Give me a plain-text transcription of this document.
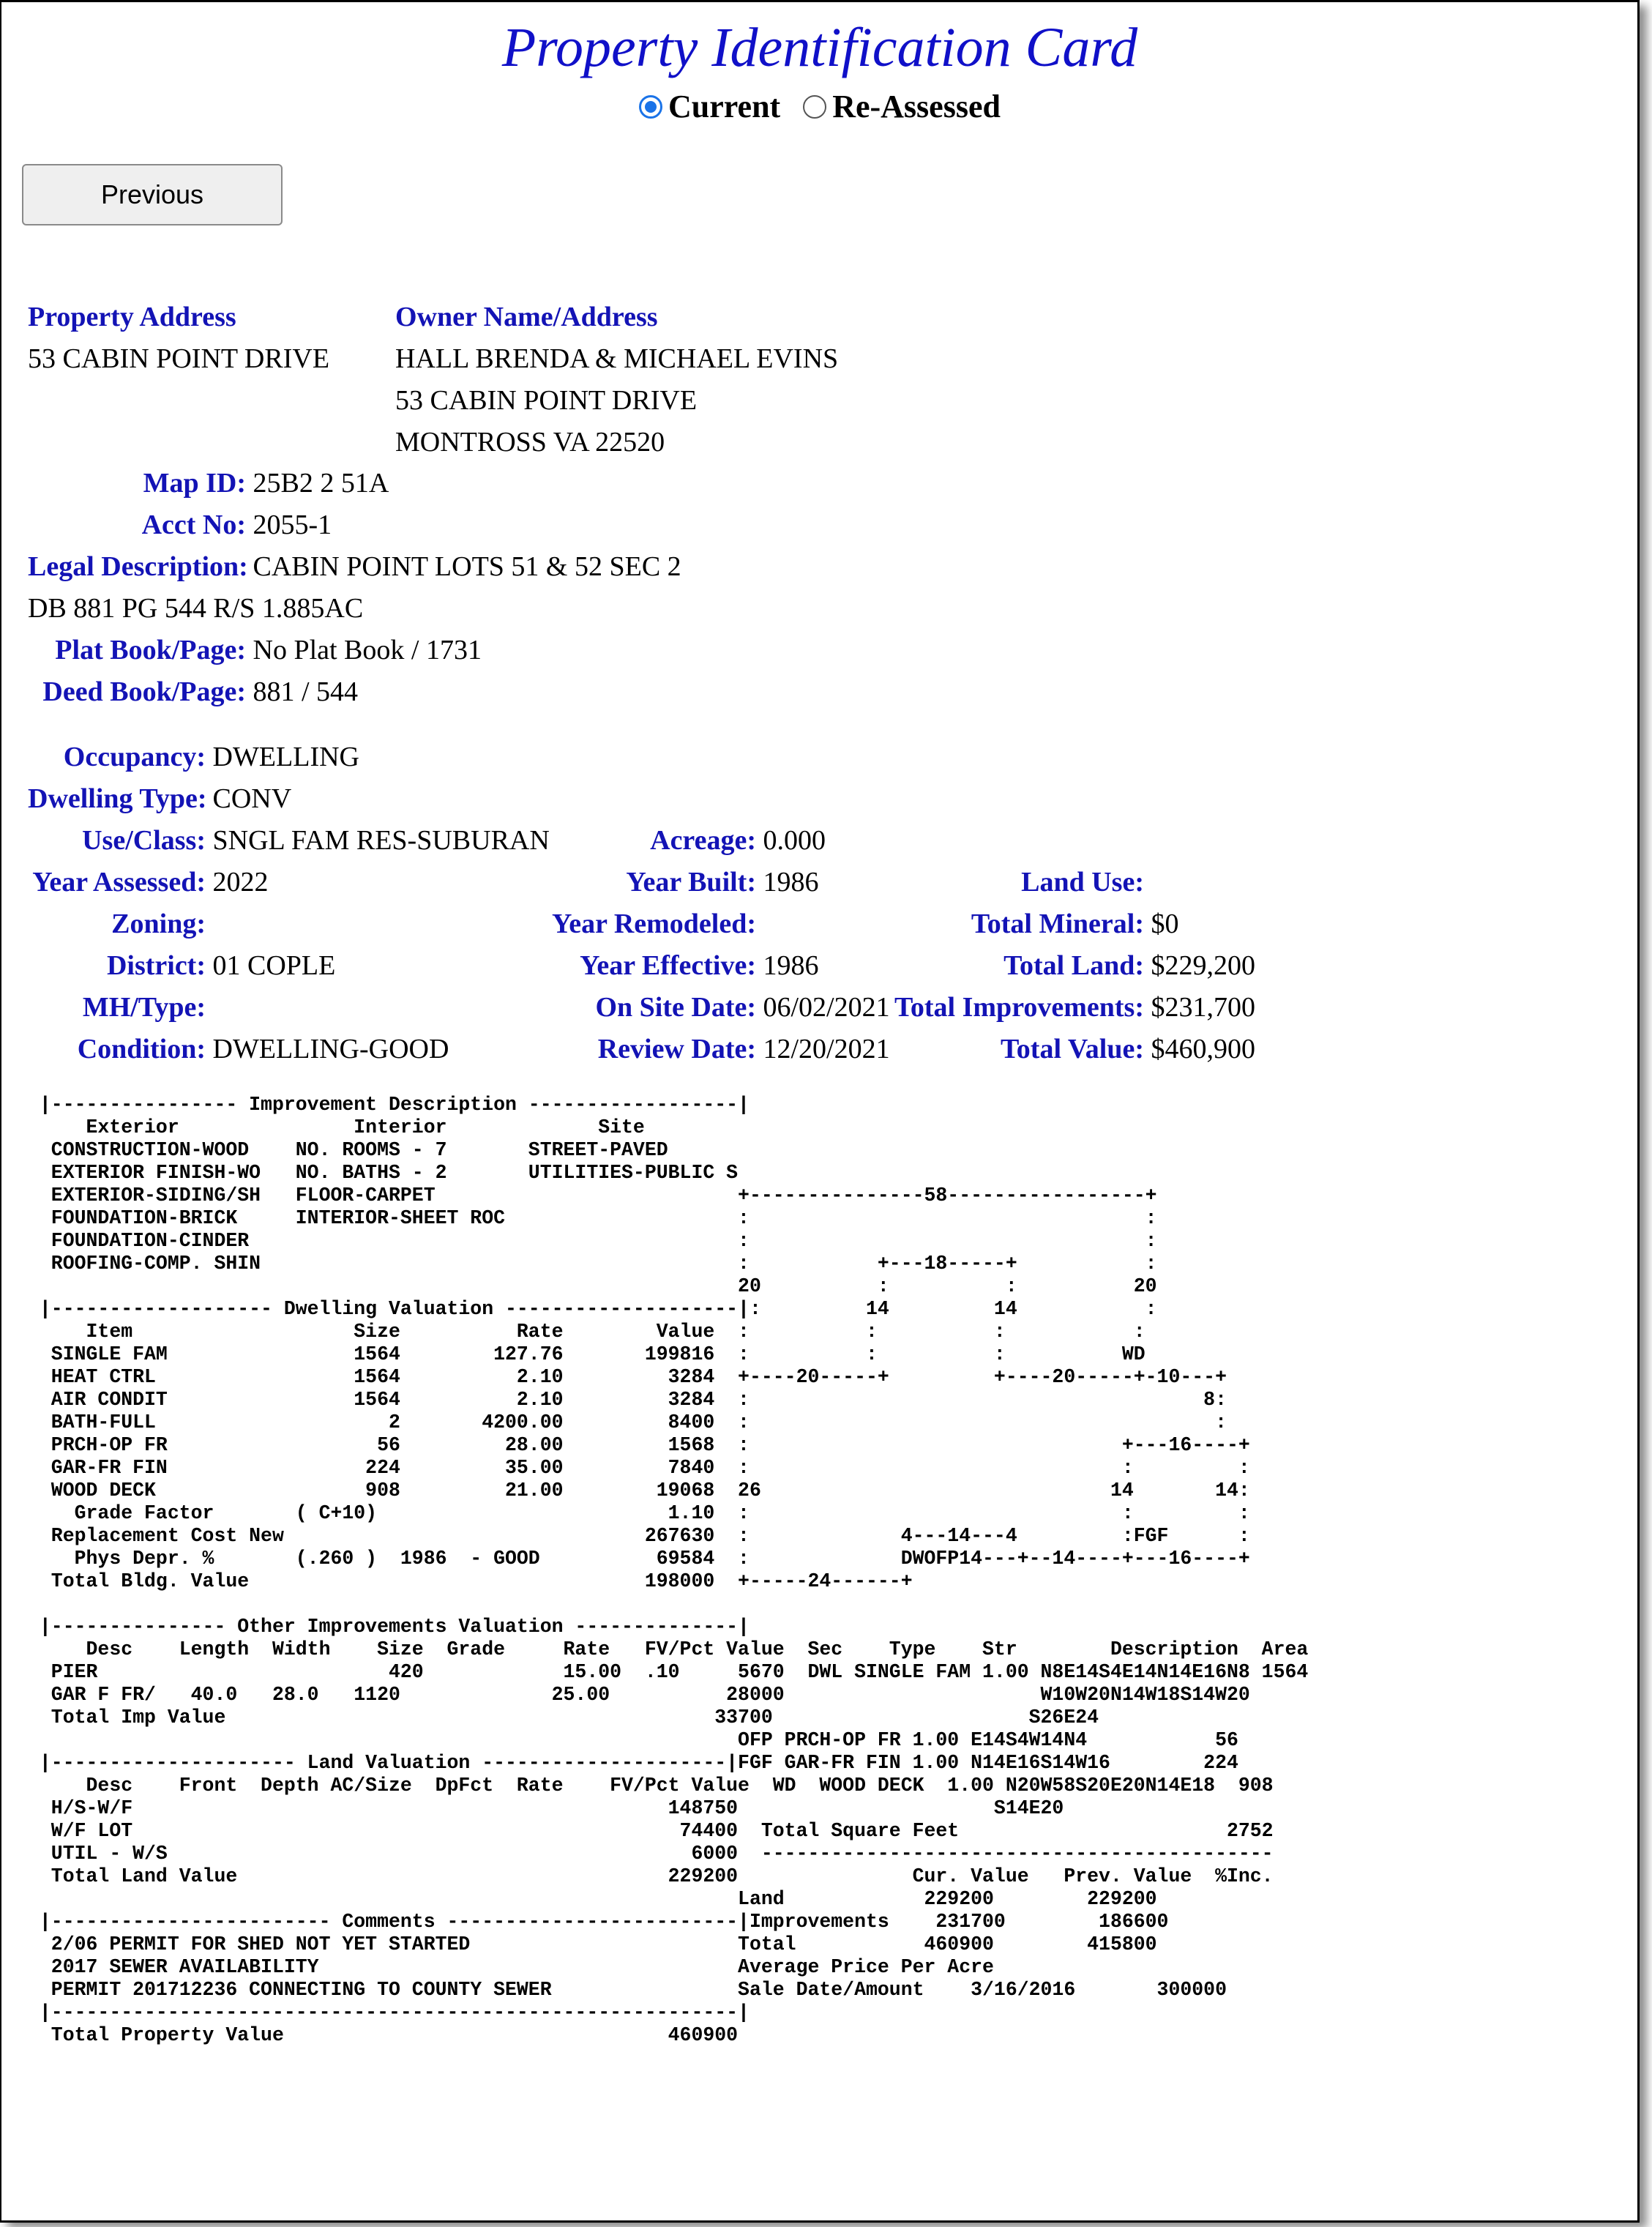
Property Identification Card
Current
Re-Assessed
Previous
Property Address
53 CABIN POINT DRIVE
Owner Name/Address
HALL BRENDA & MICHAEL EVINS
53 CABIN POINT DRIVE
MONTROSS VA 22520
Map ID: 25B2 2 51A
Acct No: 2055-1
Legal Description: CABIN POINT LOTS 51 & 52 SEC 2
DB 881 PG 544 R/S 1.885AC
Plat Book/Page: No Plat Book / 1731
Deed Book/Page: 881 / 544
Occupancy: DWELLING
Dwelling Type: CONV
Use/Class: SNGL FAM RES-SUBURAN
Year Assessed: 2022
Zoning:
District: 01 COPLE
MH/Type:
Condition: DWELLING-GOOD
Acreage: 0.000
Year Built: 1986
Year Remodeled:
Year Effective: 1986
On Site Date: 06/02/2021
Review Date: 12/20/2021
Land Use:
Total Mineral: $0
Total Land: $229,200
Total Improvements: $231,700
Total Value: $460,900
|---------------- Improvement Description ------------------|
Exterior               Interior             Site
CONSTRUCTION-WOOD    NO. ROOMS - 7       STREET-PAVED
EXTERIOR FINISH-WO   NO. BATHS - 2       UTILITIES-PUBLIC S
EXTERIOR-SIDING/SH   FLOOR-CARPET                          +---------------58-----------------+
FOUNDATION-BRICK     INTERIOR-SHEET ROC                    :                                  :
FOUNDATION-CINDER                                          :                                  :
ROOFING-COMP. SHIN                                         :           +---18-----+           :
20          :          :          20
|------------------- Dwelling Valuation --------------------|:         14         14           :
Item                   Size          Rate        Value  :          :          :           :
SINGLE FAM                1564        127.76       199816  :          :          :          WD
HEAT CTRL                 1564          2.10         3284  +----20-----+         +----20-----+-10---+
AIR CONDIT                1564          2.10         3284  :                                       8:
BATH-FULL                    2       4200.00         8400  :                                        :
PRCH-OP FR                  56         28.00         1568  :                                +---16----+
GAR-FR FIN                 224         35.00         7840  :                                :         :
WOOD DECK                  908         21.00        19068  26                              14       14:
Grade Factor       ( C+10)                         1.10  :                                :         :
Replacement Cost New                               267630  :             4---14---4         :FGF      :
Phys Depr. %       (.260 )  1986  - GOOD          69584  :             DWOFP14---+--14----+---16----+
Total Bldg. Value                                  198000  +-----24------+

|--------------- Other Improvements Valuation --------------|
Desc    Length  Width    Size  Grade     Rate   FV/Pct Value  Sec    Type    Str        Description  Area
PIER                         420            15.00  .10     5670  DWL SINGLE FAM 1.00 N8E14S4E14N14E16N8 1564
GAR F FR/   40.0   28.0   1120             25.00          28000                      W10W20N14W18S14W20
Total Imp Value                                          33700                      S26E24
OFP PRCH-OP FR 1.00 E14S4W14N4           56
|--------------------- Land Valuation ---------------------|FGF GAR-FR FIN 1.00 N14E16S14W16        224
Desc    Front  Depth AC/Size  DpFct  Rate    FV/Pct Value  WD  WOOD DECK  1.00 N20W58S20E20N14E18  908
H/S-W/F                                              148750                      S14E20
W/F LOT                                               74400  Total Square Feet                       2752
UTIL - W/S                                             6000  --------------------------------------------
Total Land Value                                     229200               Cur. Value   Prev. Value  %Inc.
Land            229200        229200
|------------------------ Comments -------------------------|Improvements    231700        186600
2/06 PERMIT FOR SHED NOT YET STARTED                       Total           460900        415800
2017 SEWER AVAILABILITY                                    Average Price Per Acre
PERMIT 201712236 CONNECTING TO COUNTY SEWER                Sale Date/Amount    3/16/2016       300000
|-----------------------------------------------------------|
Total Property Value                                 460900
